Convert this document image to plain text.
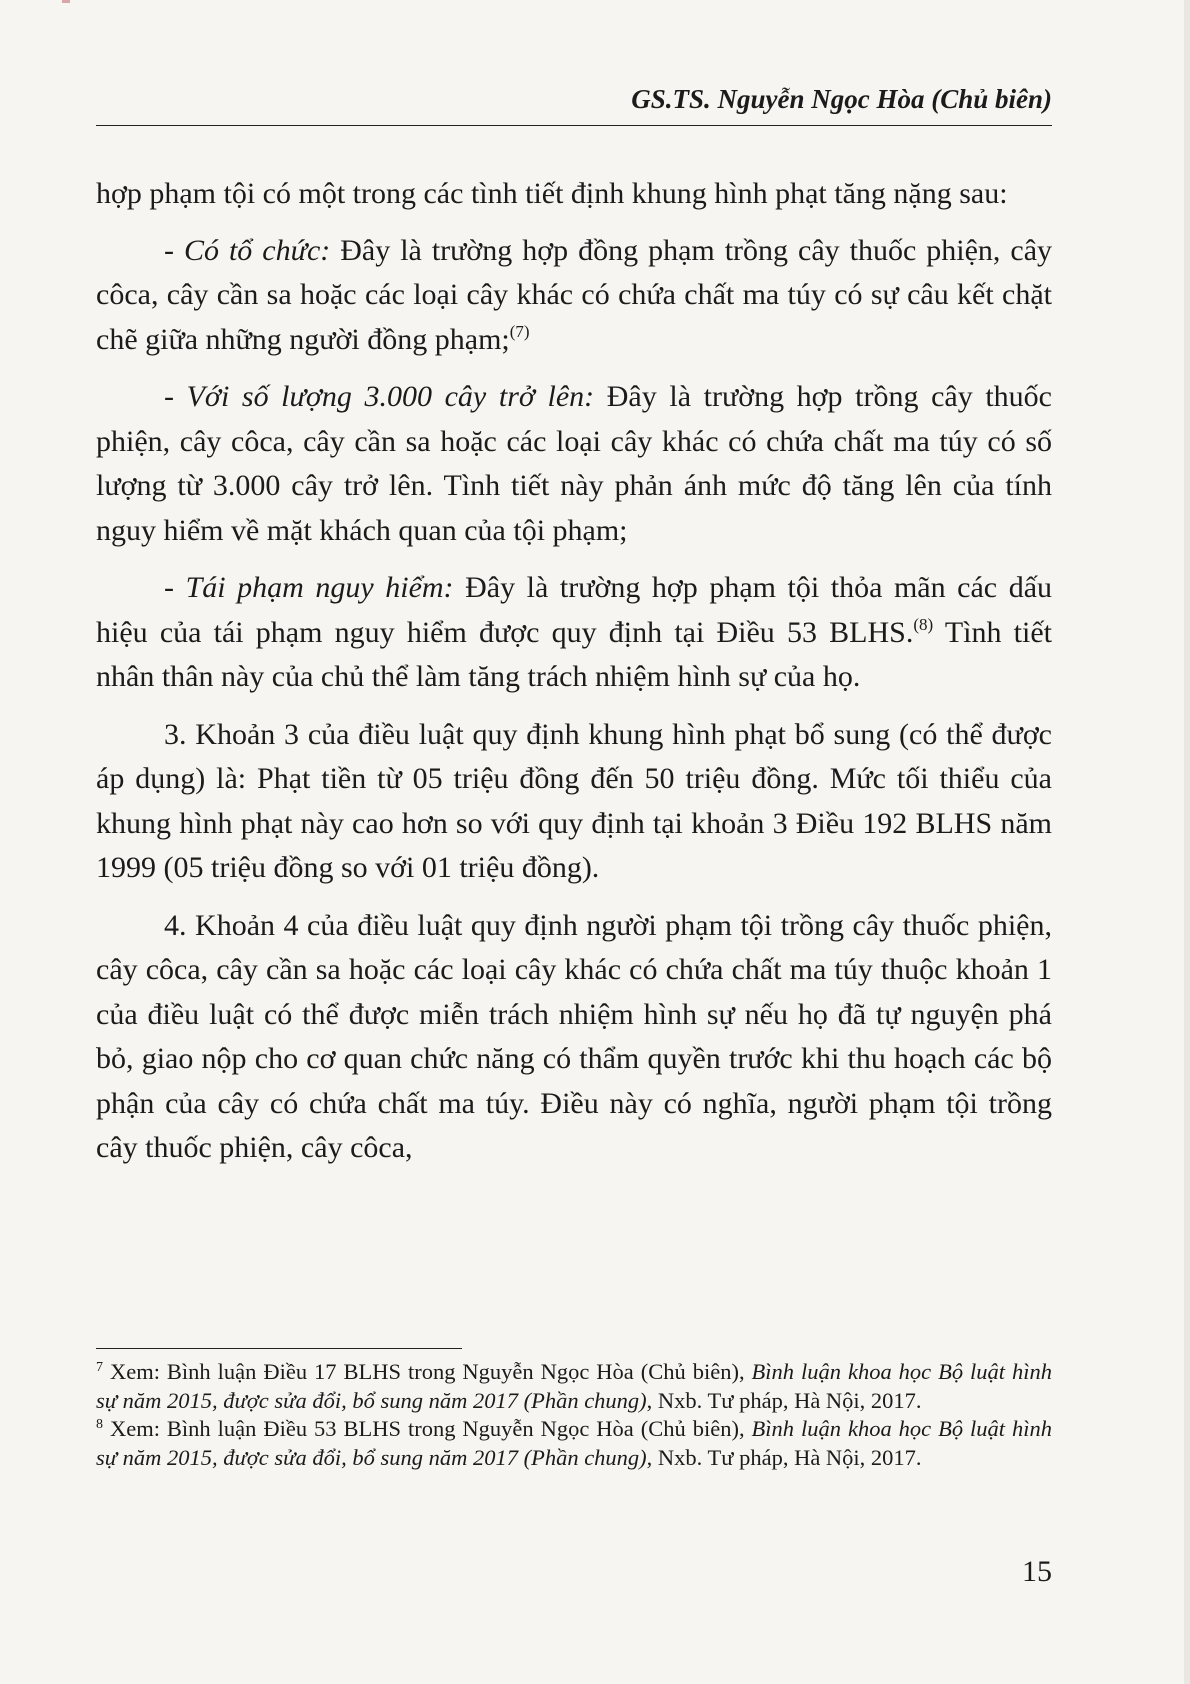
GS.TS. Nguyễn Ngọc Hòa (Chủ biên)

hợp phạm tội có một trong các tình tiết định khung hình phạt tăng nặng sau:

- Có tổ chức: Đây là trường hợp đồng phạm trồng cây thuốc phiện, cây côca, cây cần sa hoặc các loại cây khác có chứa chất ma túy có sự câu kết chặt chẽ giữa những người đồng phạm;$^{(7)}$

- Với số lượng 3.000 cây trở lên: Đây là trường hợp trồng cây thuốc phiện, cây côca, cây cần sa hoặc các loại cây khác có chứa chất ma túy có số lượng từ 3.000 cây trở lên. Tình tiết này phản ánh mức độ tăng lên của tính nguy hiểm về mặt khách quan của tội phạm;

- Tái phạm nguy hiểm: Đây là trường hợp phạm tội thỏa mãn các dấu hiệu của tái phạm nguy hiểm được quy định tại Điều 53 BLHS.$^{(8)}$ Tình tiết nhân thân này của chủ thể làm tăng trách nhiệm hình sự của họ.

3. Khoản 3 của điều luật quy định khung hình phạt bổ sung (có thể được áp dụng) là: Phạt tiền từ 05 triệu đồng đến 50 triệu đồng. Mức tối thiểu của khung hình phạt này cao hơn so với quy định tại khoản 3 Điều 192 BLHS năm 1999 (05 triệu đồng so với 01 triệu đồng).

4. Khoản 4 của điều luật quy định người phạm tội trồng cây thuốc phiện, cây côca, cây cần sa hoặc các loại cây khác có chứa chất ma túy thuộc khoản 1 của điều luật có thể được miễn trách nhiệm hình sự nếu họ đã tự nguyện phá bỏ, giao nộp cho cơ quan chức năng có thẩm quyền trước khi thu hoạch các bộ phận của cây có chứa chất ma túy. Điều này có nghĩa, người phạm tội trồng cây thuốc phiện, cây côca,

$^7$ Xem: Bình luận Điều 17 BLHS trong Nguyễn Ngọc Hòa (Chủ biên), Bình luận khoa học Bộ luật hình sự năm 2015, được sửa đổi, bổ sung năm 2017 (Phần chung), Nxb. Tư pháp, Hà Nội, 2017.

$^8$ Xem: Bình luận Điều 53 BLHS trong Nguyễn Ngọc Hòa (Chủ biên), Bình luận khoa học Bộ luật hình sự năm 2015, được sửa đổi, bổ sung năm 2017 (Phần chung), Nxb. Tư pháp, Hà Nội, 2017.

15
